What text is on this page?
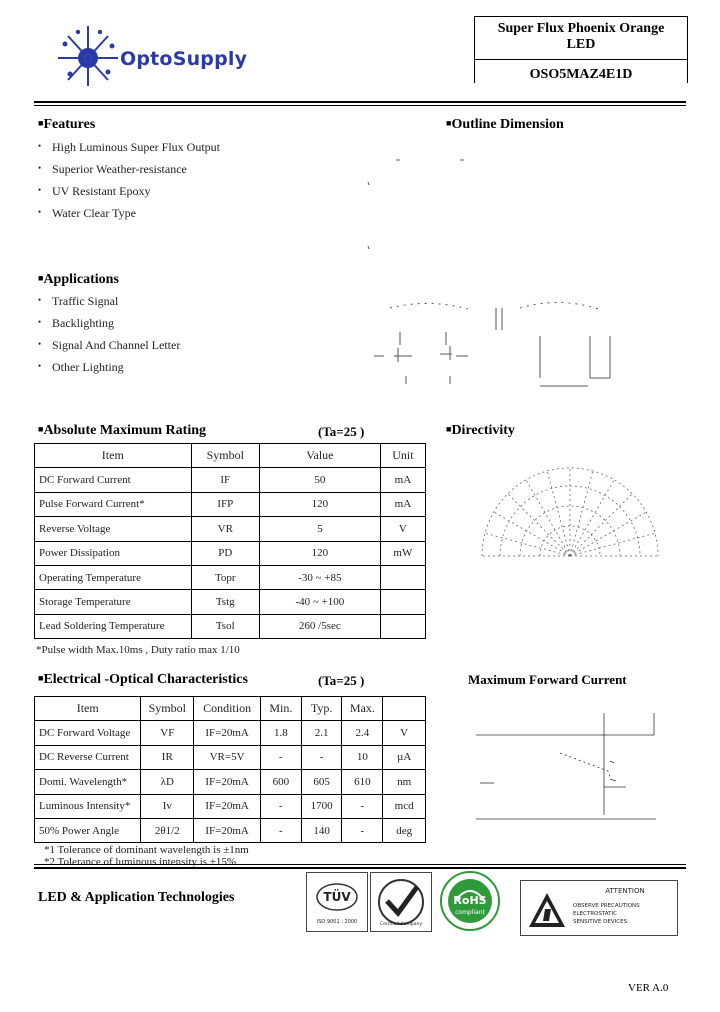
OptoSupply
Super Flux Phoenix Orange
LED
OSO5MAZ4E1D
■Features
• High Luminous Super Flux Output
• Superior Weather-resistance
• UV Resistant Epoxy
• Water Clear Type
■Outline Dimension
■Applications
• Traffic Signal
• Backlighting
• Signal And Channel Letter
• Other Lighting
■Absolute Maximum Rating	(Ta=25 )
Item	Symbol	Value	Unit
DC Forward Current	IF	50	mA
Pulse Forward Current*	IFP	120	mA
Reverse Voltage	VR	5	V
Power Dissipation	PD	120	mW
Operating Temperature	Topr	-30 ~ +85	
Storage Temperature	Tstg	-40 ~ +100	
Lead Soldering Temperature	Tsol	260 /5sec	
*Pulse width Max.10ms , Duty ratio max 1/10
■Directivity
■Electrical -Optical Characteristics	(Ta=25 )
Item	Symbol	Condition	Min.	Typ.	Max.	
DC Forward Voltage	VF	IF=20mA	1.8	2.1	2.4	V
DC Reverse Current	IR	VR=5V	-	-	10	µA
Domi. Wavelength*	λD	IF=20mA	600	605	610	nm
Luminous Intensity*	Iv	IF=20mA	-	1700	-	mcd
50% Power Angle	2θ1/2	IF=20mA	-	140	-	deg
*1 Tolerance of dominant wavelength is ±1nm
*2 Tolerance of luminous intensity is ±15%
Maximum Forward Current
LED & Application Technologies	TÜV
ISO 9001 : 2000	Certified Company
RoHS
compliant
ATTENTION
OBSERVE PRECAUTIONS
ELECTROSTATIC
SENSITIVE DEVICES
VER A.0
